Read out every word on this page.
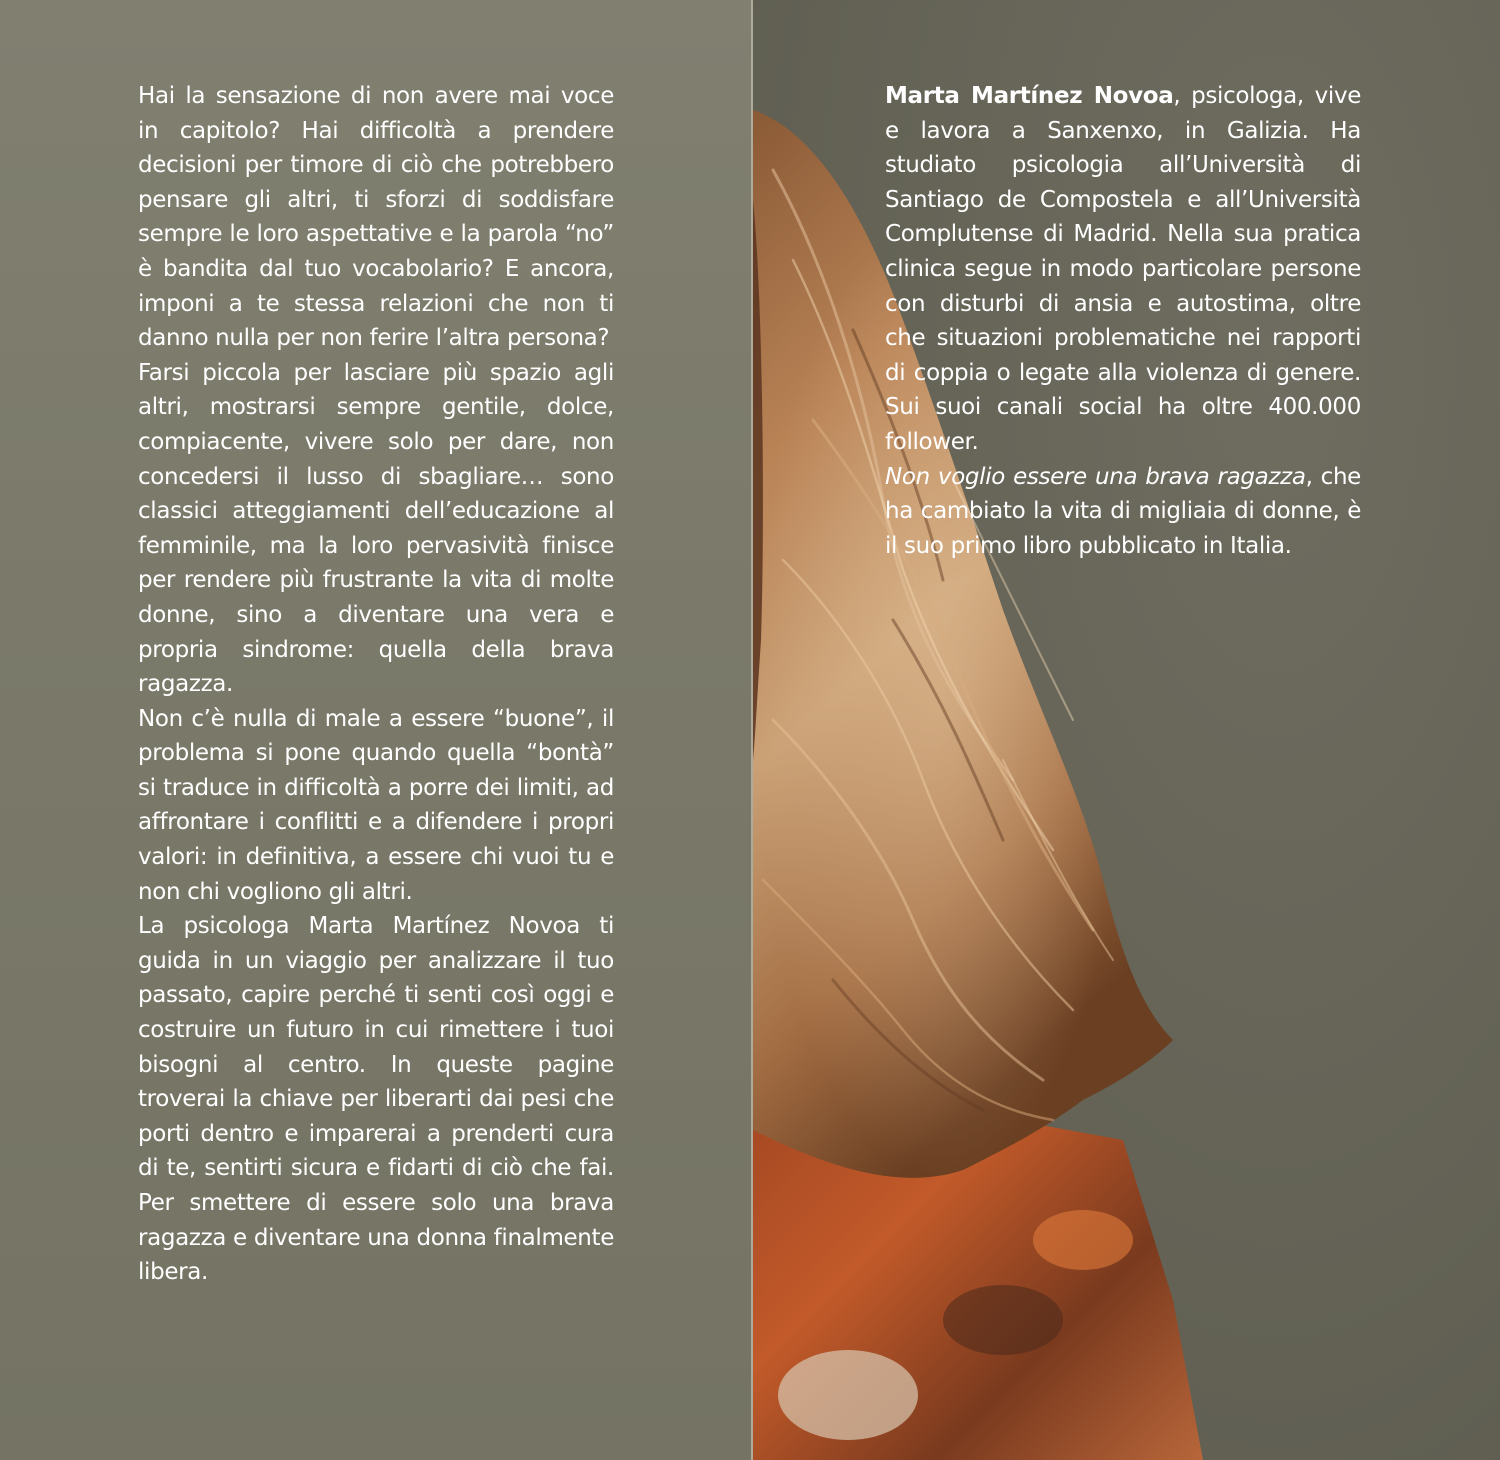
Hai la sensazione di non avere mai voce in capitolo? Hai difficoltà a prendere decisioni per timore di ciò che potrebbero pensare gli altri, ti sforzi di soddisfare sempre le loro aspettative e la parola “no” è bandita dal tuo vocabolario? E ancora, imponi a te stessa relazioni che non ti danno nulla per non ferire l’altra persona?

Farsi piccola per lasciare più spazio agli altri, mostrarsi sempre gentile, dolce, compiacente, vivere solo per dare, non concedersi il lusso di sbagliare… sono classici atteggiamenti dell’educazione al femminile, ma la loro pervasività finisce per rendere più frustrante la vita di molte donne, sino a diventare una vera e propria sindrome: quella della brava ragazza.

Non c’è nulla di male a essere “buone”, il problema si pone quando quella “bontà” si traduce in difficoltà a porre dei limiti, ad affrontare i conflitti e a difendere i propri valori: in definitiva, a essere chi vuoi tu e non chi vogliono gli altri.

La psicologa Marta Martínez Novoa ti guida in un viaggio per analizzare il tuo passato, capire perché ti senti così oggi e costruire un futuro in cui rimettere i tuoi bisogni al centro. In queste pagine troverai la chiave per liberarti dai pesi che porti dentro e imparerai a prenderti cura di te, sentirti sicura e fidarti di ciò che fai. Per smettere di essere solo una brava ragazza e diventare una donna finalmente libera.

Marta Martínez Novoa, psicologa, vive e lavora a Sanxenxo, in Galizia. Ha studiato psicologia all’Università di Santiago de Compostela e all’Università Complutense di Madrid. Nella sua pratica clinica segue in modo particolare persone con disturbi di ansia e autostima, oltre che situazioni problematiche nei rapporti di coppia o legate alla violenza di genere. Sui suoi canali social ha oltre 400.000 follower.

Non voglio essere una brava ragazza, che ha cambiato la vita di migliaia di donne, è il suo primo libro pubblicato in Italia.
